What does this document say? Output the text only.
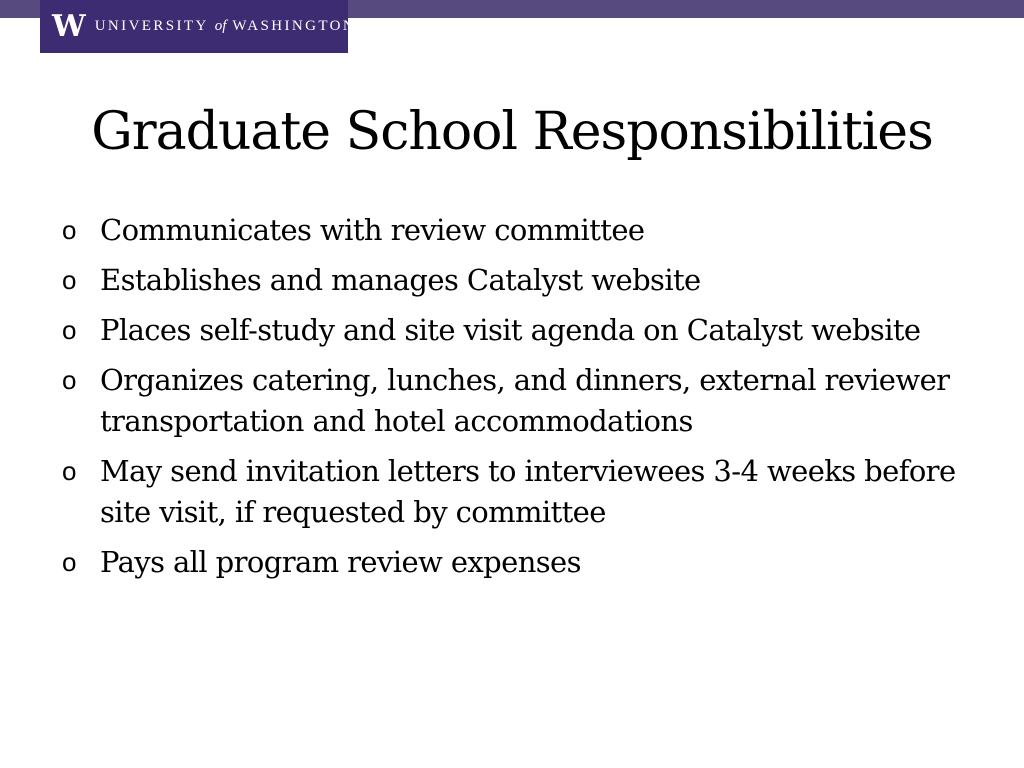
W UNIVERSITY of WASHINGTON
Graduate School Responsibilities
o Communicates with review committee
o Establishes and manages Catalyst website
o Places self-study and site visit agenda on Catalyst website
o Organizes catering, lunches, and dinners, external reviewer transportation and hotel accommodations
o May send invitation letters to interviewees 3-4 weeks before site visit, if requested by committee
o Pays all program review expenses
